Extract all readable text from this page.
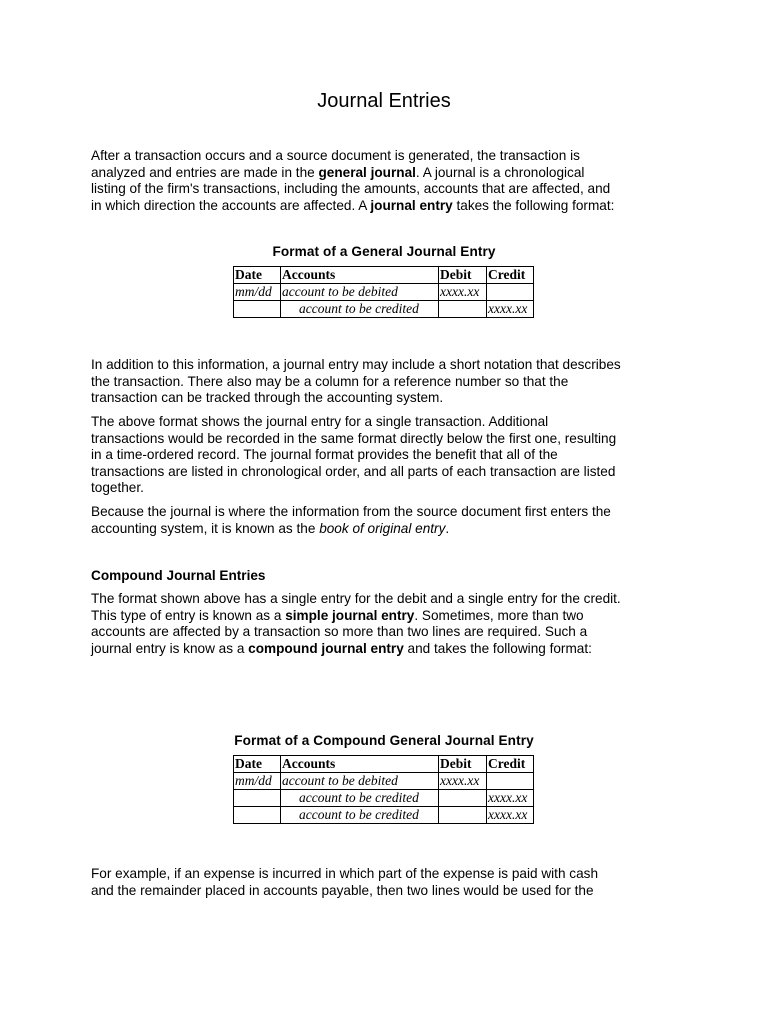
Journal Entries
After a transaction occurs and a source document is generated, the transaction is
analyzed and entries are made in the general journal. A journal is a chronological
listing of the firm's transactions, including the amounts, accounts that are affected, and
in which direction the accounts are affected. A journal entry takes the following format:
Format of a General Journal Entry
Date	Accounts	Debit	Credit
mm/dd	account to be debited	xxxx.xx	
	account to be credited		xxxx.xx
In addition to this information, a journal entry may include a short notation that describes
the transaction. There also may be a column for a reference number so that the
transaction can be tracked through the accounting system.
The above format shows the journal entry for a single transaction. Additional
transactions would be recorded in the same format directly below the first one, resulting
in a time-ordered record. The journal format provides the benefit that all of the
transactions are listed in chronological order, and all parts of each transaction are listed
together.
Because the journal is where the information from the source document first enters the
accounting system, it is known as the book of original entry.
Compound Journal Entries
The format shown above has a single entry for the debit and a single entry for the credit.
This type of entry is known as a simple journal entry. Sometimes, more than two
accounts are affected by a transaction so more than two lines are required. Such a
journal entry is know as a compound journal entry and takes the following format:
Format of a Compound General Journal Entry
Date	Accounts	Debit	Credit
mm/dd	account to be debited	xxxx.xx	
	account to be credited		xxxx.xx
	account to be credited		xxxx.xx
For example, if an expense is incurred in which part of the expense is paid with cash
and the remainder placed in accounts payable, then two lines would be used for the
